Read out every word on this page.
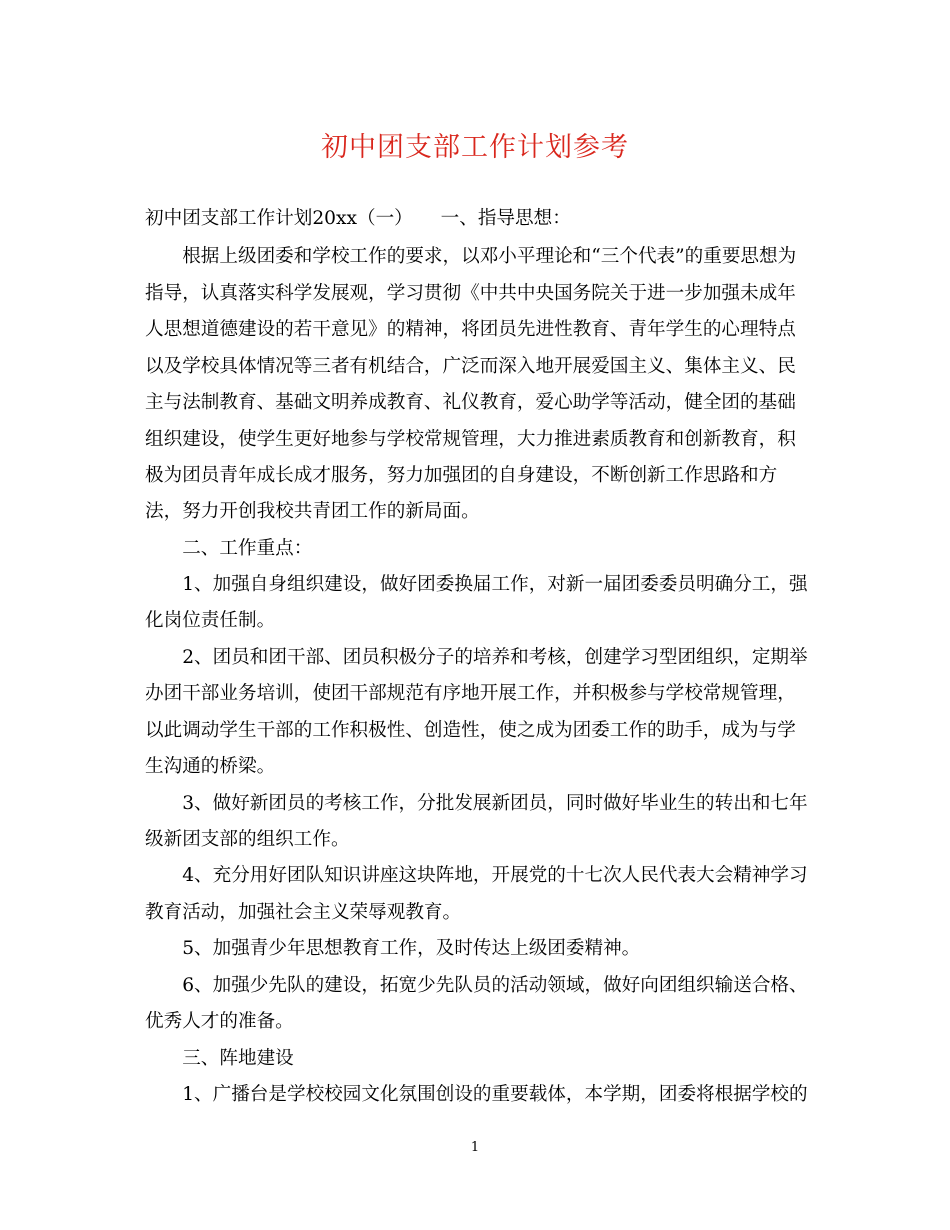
初中团支部工作计划参考
初中团支部工作计划20xx（一）　　一、指导思想：
　　根据上级团委和学校工作的要求，以邓小平理论和“三个代表”的重要思想为
指导，认真落实科学发展观，学习贯彻《中共中央国务院关于进一步加强未成年
人思想道德建设的若干意见》的精神，将团员先进性教育、青年学生的心理特点
以及学校具体情况等三者有机结合，广泛而深入地开展爱国主义、集体主义、民
主与法制教育、基础文明养成教育、礼仪教育，爱心助学等活动，健全团的基础
组织建设，使学生更好地参与学校常规管理，大力推进素质教育和创新教育，积
极为团员青年成长成才服务，努力加强团的自身建设，不断创新工作思路和方
法，努力开创我校共青团工作的新局面。
　　二、工作重点：
　　1、加强自身组织建设，做好团委换届工作，对新一届团委委员明确分工，强
化岗位责任制。
　　2、团员和团干部、团员积极分子的培养和考核，创建学习型团组织，定期举
办团干部业务培训，使团干部规范有序地开展工作，并积极参与学校常规管理，
以此调动学生干部的工作积极性、创造性，使之成为团委工作的助手，成为与学
生沟通的桥梁。
　　3、做好新团员的考核工作，分批发展新团员，同时做好毕业生的转出和七年
级新团支部的组织工作。
　　4、充分用好团队知识讲座这块阵地，开展党的十七次人民代表大会精神学习
教育活动，加强社会主义荣辱观教育。
　　5、加强青少年思想教育工作，及时传达上级团委精神。
　　6、加强少先队的建设，拓宽少先队员的活动领域，做好向团组织输送合格、
优秀人才的准备。
　　三、阵地建设
　　1、广播台是学校校园文化氛围创设的重要载体，本学期，团委将根据学校的
1
